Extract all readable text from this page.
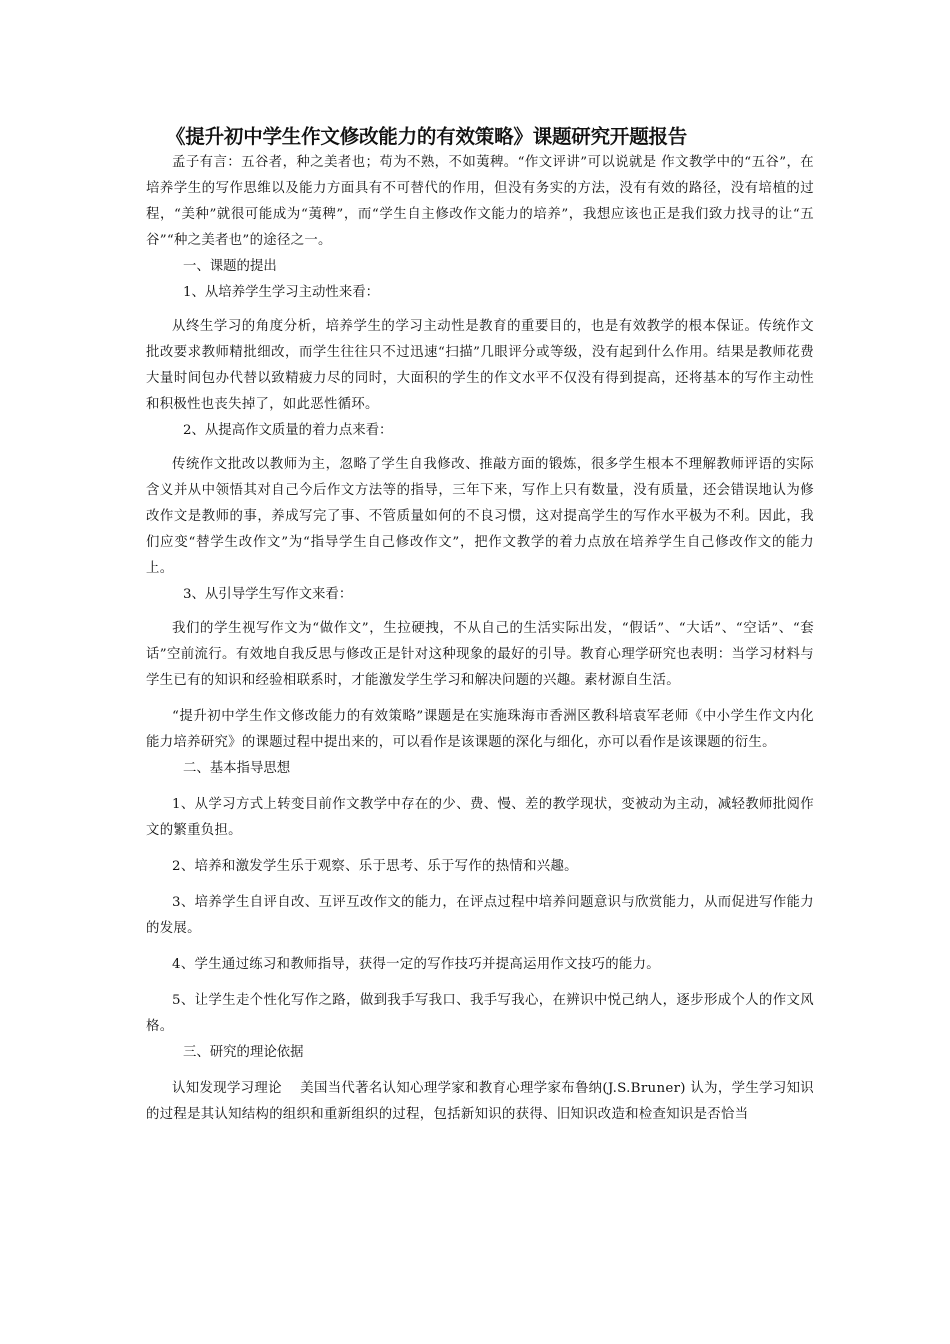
《提升初中学生作文修改能力的有效策略》课题研究开题报告

孟子有言：五谷者，种之美者也；苟为不熟，不如荑稗。“作文评讲”可以说就是 作文教学中的“五谷”，在培养学生的写作思维以及能力方面具有不可替代的作用，但没有务实的方法，没有有效的路径，没有培植的过程，“美种”就很可能成为“荑稗”，而“学生自主修改作文能力的培养”，我想应该也正是我们致力找寻的让“五谷”“种之美者也”的途径之一。

一、课题的提出

1、从培养学生学习主动性来看：

从终生学习的角度分析，培养学生的学习主动性是教育的重要目的，也是有效教学的根本保证。传统作文批改要求教师精批细改，而学生往往只不过迅速“扫描”几眼评分或等级，没有起到什么作用。结果是教师花费大量时间包办代替以致精疲力尽的同时，大面积的学生的作文水平不仅没有得到提高，还将基本的写作主动性和积极性也丧失掉了，如此恶性循环。

2、从提高作文质量的着力点来看：

传统作文批改以教师为主，忽略了学生自我修改、推敲方面的锻炼，很多学生根本不理解教师评语的实际含义并从中领悟其对自己今后作文方法等的指导，三年下来，写作上只有数量，没有质量，还会错误地认为修改作文是教师的事，养成写完了事、不管质量如何的不良习惯，这对提高学生的写作水平极为不利。因此，我们应变“替学生改作文”为“指导学生自己修改作文”，把作文教学的着力点放在培养学生自己修改作文的能力上。

3、从引导学生写作文来看：

我们的学生视写作文为“做作文”，生拉硬拽，不从自己的生活实际出发，“假话”、“大话”、“空话”、“套话”空前流行。有效地自我反思与修改正是针对这种现象的最好的引导。教育心理学研究也表明：当学习材料与学生已有的知识和经验相联系时，才能激发学生学习和解决问题的兴趣。素材源自生活。

“提升初中学生作文修改能力的有效策略”课题是在实施珠海市香洲区教科培袁军老师《中小学生作文内化能力培养研究》的课题过程中提出来的，可以看作是该课题的深化与细化，亦可以看作是该课题的衍生。

二、基本指导思想

1、从学习方式上转变目前作文教学中存在的少、费、慢、差的教学现状，变被动为主动，减轻教师批阅作文的繁重负担。

2、培养和激发学生乐于观察、乐于思考、乐于写作的热情和兴趣。

3、培养学生自评自改、互评互改作文的能力，在评点过程中培养问题意识与欣赏能力，从而促进写作能力的发展。

4、学生通过练习和教师指导，获得一定的写作技巧并提高运用作文技巧的能力。

5、让学生走个性化写作之路，做到我手写我口、我手写我心，在辨识中悦己纳人，逐步形成个人的作文风格。

三、研究的理论依据

认知发现学习理论　 美国当代著名认知心理学家和教育心理学家布鲁纳(J.S.Bruner) 认为，学生学习知识的过程是其认知结构的组织和重新组织的过程，包括新知识的获得、旧知识改造和检查知识是否恰当
